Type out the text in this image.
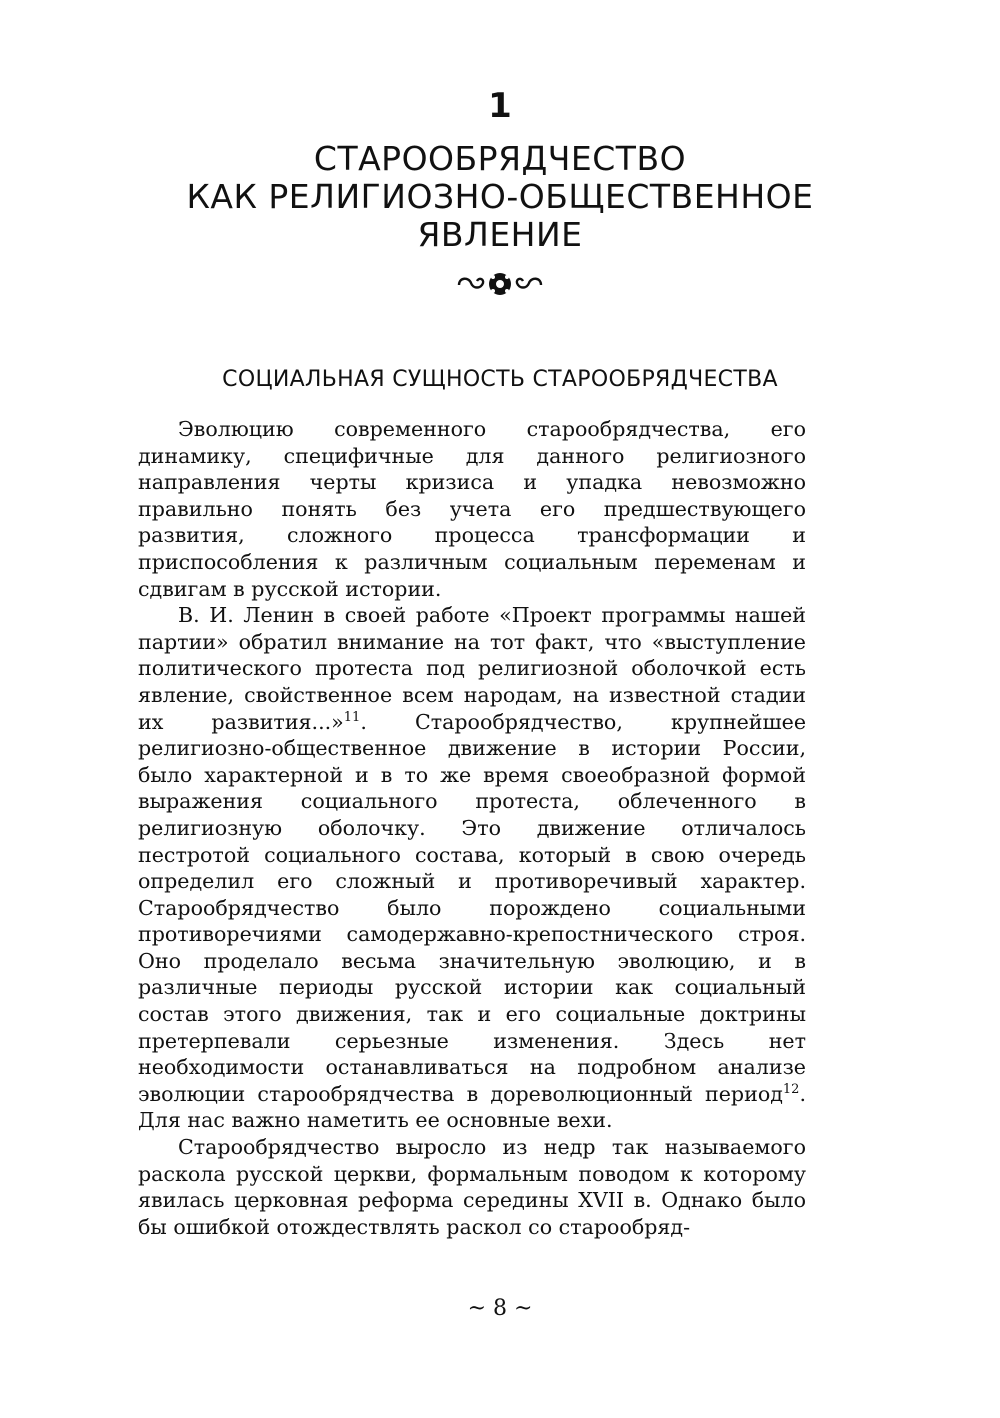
1
СТАРООБРЯДЧЕСТВО
КАК РЕЛИГИОЗНО-ОБЩЕСТВЕННОЕ
ЯВЛЕНИЕ
СОЦИАЛЬНАЯ СУЩНОСТЬ СТАРООБРЯДЧЕСТВА

Эволюцию современного старообрядчества, его динамику, специфичные для данного религиозного направления черты кризиса и упадка невозможно правильно понять без учета его предшествующего развития, сложного процесса трансформации и приспособления к различным социальным переменам и сдвигам в русской истории.

В. И. Ленин в своей работе «Проект программы нашей партии» обратил внимание на тот факт, что «выступление политического протеста под религиозной оболочкой есть явление, свойственное всем народам, на известной стадии их развития...»$^{11}$. Старообрядчество, крупнейшее религиозно-общественное движение в истории России, было характерной и в то же время своеобразной формой выражения социального протеста, облеченного в религиозную оболочку. Это движение отличалось пестротой социального состава, который в свою очередь определил его сложный и противоречивый характер. Старообрядчество было порождено социальными противоречиями самодержавно-крепостнического строя. Оно проделало весьма значительную эволюцию, и в различные периоды русской истории как социальный состав этого движения, так и его социальные доктрины претерпевали серьезные изменения. Здесь нет необходимости останавливаться на подробном анализе эволюции старообрядчества в дореволюционный период$^{12}$. Для нас важно наметить ее основные вехи.

Старообрядчество выросло из недр так называемого раскола русской церкви, формальным поводом к которому явилась церковная реформа середины XVII в. Однако было бы ошибкой отождествлять раскол со старообряд-

~ 8 ~
